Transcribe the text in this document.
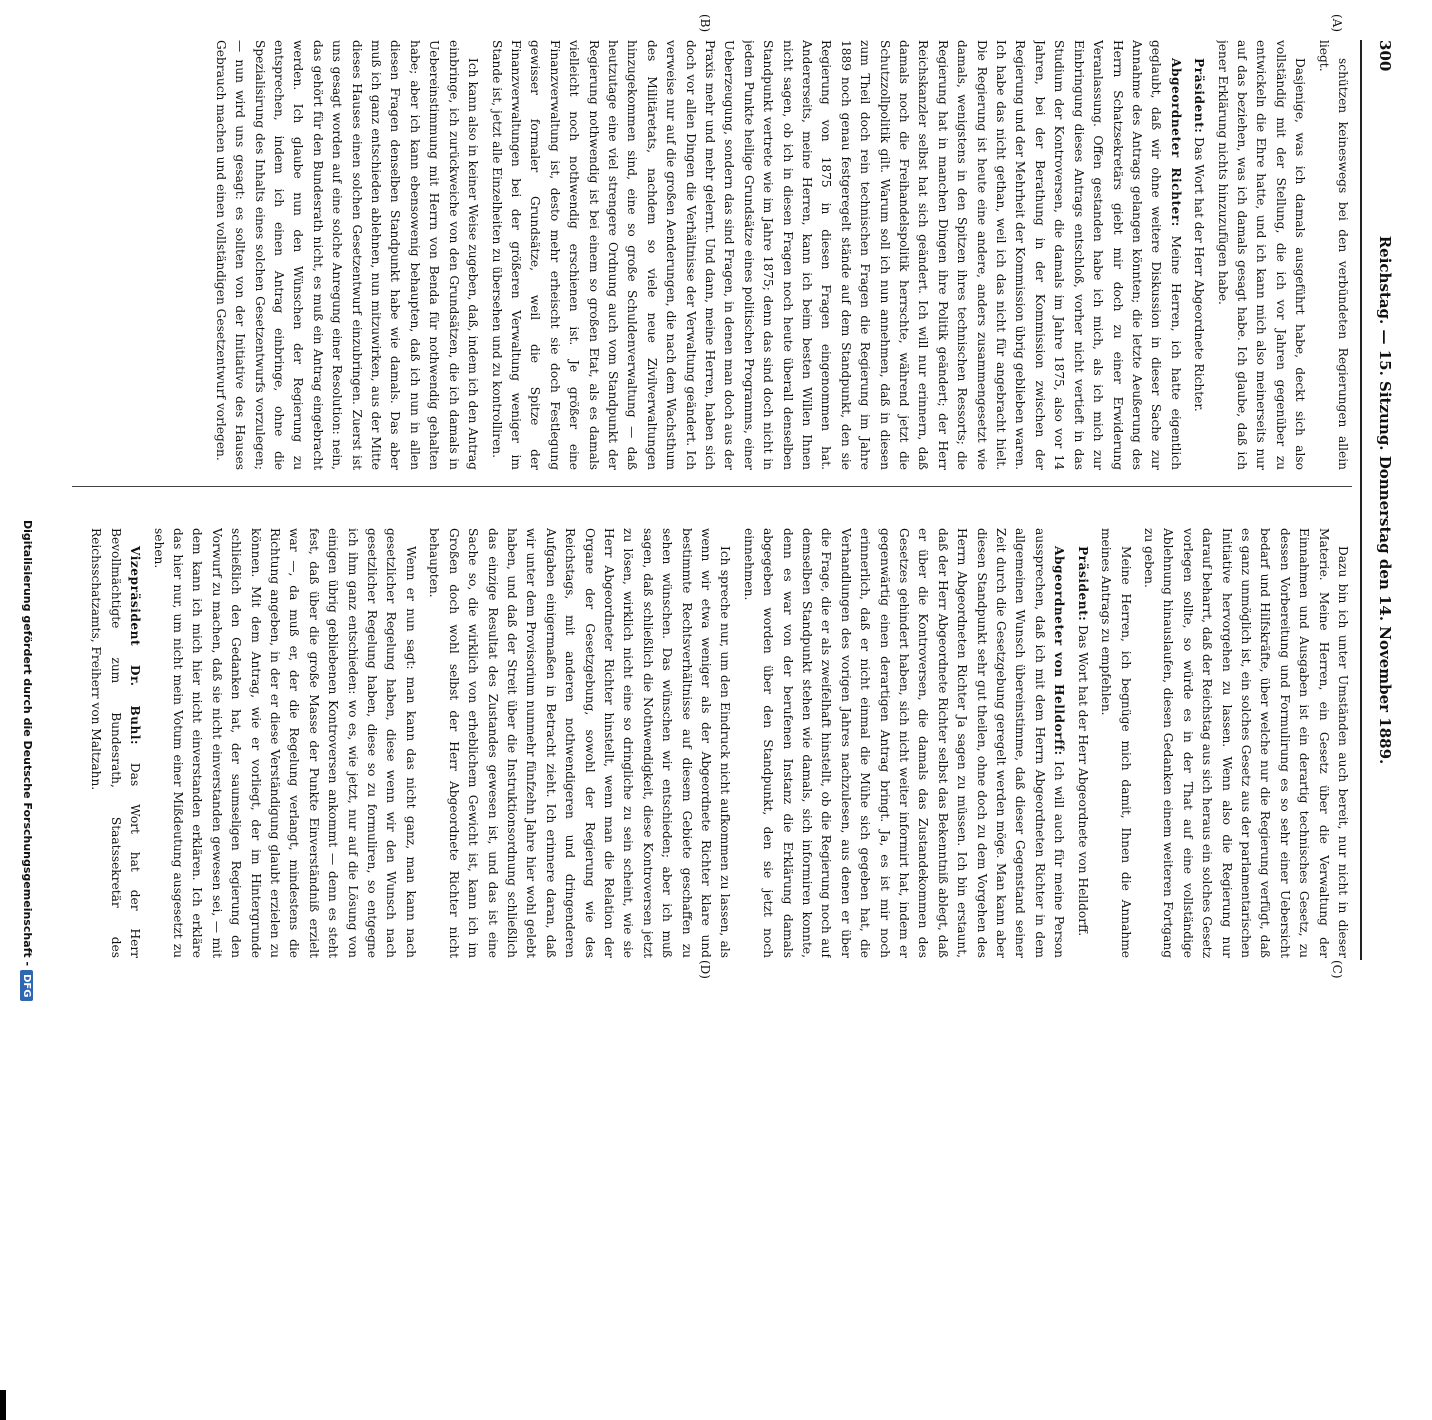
300
Reichstag. — 15. Sitzung. Donnerstag den 14. November 1889.
(A)
(B)
(C)
(D)

schützen keineswegs bei den verbündeten Regierungen allein liegt.

Dasjenige, was ich damals ausgeführt habe, deckt sich also vollständig mit der Stellung, die ich vor Jahren gegenüber zu entwickeln die Ehre hatte, und ich kann mich also meinerseits nur auf das beziehen, was ich damals gesagt habe. Ich glaube, daß ich jener Erklärung nichts hinzuzufügen habe.

Präsident: Das Wort hat der Herr Abgeordnete Richter.

Abgeordneter Richter: Meine Herren, ich hatte eigentlich geglaubt, daß wir ohne weitere Diskussion in dieser Sache zur Annahme des Antrags gelangen könnten; die letzte Aeußerung des Herrn Schatzsekretärs giebt mir doch zu einer Erwiderung Veranlassung. Offen gestanden habe ich mich, als ich mich zur Einbringung dieses Antrags entschloß, vorher nicht vertieft in das Studium der Kontroversen, die damals im Jahre 1875, also vor 14 Jahren, bei der Berathung in der Kommission zwischen der Regierung und der Mehrheit der Kommission übrig geblieben waren. Ich habe das nicht gethan, weil ich das nicht für angebracht hielt. Die Regierung ist heute eine andere, anders zusammengesetzt wie damals, wenigstens in den Spitzen ihres technischen Ressorts; die Regierung hat in manchen Dingen ihre Politik geändert; der Herr Reichskanzler selbst hat sich geändert. Ich will nur erinnern, daß damals noch die Freihandelspolitik herrschte, während jetzt die Schutzzollpolitik gilt. Warum soll ich nun annehmen, daß in diesen zum Theil doch rein technischen Fragen die Regierung im Jahre 1889 noch genau festgeregelt stände auf dem Standpunkt, den sie Regierung von 1875 in diesen Fragen eingenommen hat. Andererseits, meine Herren, kann ich beim besten Willen Ihnen nicht sagen, ob ich in diesen Fragen noch heute überall denselben Standpunkt vertrete wie im Jahre 1875; denn das sind doch nicht in jedem Punkte heilige Grundsätze eines politischen Programms, einer Ueberzeugung, sondern das sind Fragen, in denen man doch aus der Praxis mehr und mehr gelernt. Und dann, meine Herren, haben sich doch vor allen Dingen die Verhältnisse der Verwaltung geändert. Ich verweise nur auf die großen Aenderungen, die nach dem Wachsthum des Militäretats, nachdem so viele neue Zivilverwaltungen hinzugekommen sind, eine so große Schuldenverwaltung — daß heutzutage eine viel strengere Ordnung auch vom Standpunkt der Regierung nothwendig ist bei einem so großen Etat, als es damals vielleicht noch nothwendig erschienen ist. Je größer eine Finanzverwaltung ist, desto mehr erheischt sie doch Festlegung gewisser formaler Grundsätze, weil die Spitze der Finanzverwaltungen bei der größeren Verwaltung weniger im Stande ist, jetzt alle Einzelheiten zu übersehen und zu kontrolliren.

Ich kann also in keiner Weise zugeben, daß, indem ich den Antrag einbringe, ich zurückweiche von den Grundsätzen, die ich damals in Uebereinstimmung mit Herrn von Benda für nothwendig gehalten habe; aber ich kann ebensowenig behaupten, daß ich nun in allen diesen Fragen denselben Standpunkt habe wie damals. Das aber muß ich ganz entschieden ablehnen, nun mitzuwirken, aus der Mitte dieses Hauses einen solchen Gesetzentwurf einzubringen. Zuerst ist uns gesagt worden auf eine solche Anregung einer Resolution: nein, das gehört für den Bundesrath nicht, es muß ein Antrag eingebracht werden. Ich glaube nun den Wünschen der Regierung zu entsprechen, indem ich einen Antrag einbringe, ohne die Spezialisirung des Inhalts eines solchen Gesetzentwurfs vorzulegen; — nun wird uns gesagt: es sollten von der Initiative des Hauses Gebrauch machen und einen vollständigen Gesetzentwurf vorlegen.

Dazu bin ich unter Umständen auch bereit, nur nicht in dieser Materie. Meine Herren, ein Gesetz über die Verwaltung der Einnahmen und Ausgaben ist ein derartig technisches Gesetz, zu dessen Vorbereitung und Formulirung es so sehr einer Uebersicht bedarf und Hilfskräfte, über welche nur die Regierung verfügt, daß es ganz unmöglich ist, ein solches Gesetz aus der parlamentarischen Initiative hervorgehen zu lassen. Wenn also die Regierung nur darauf beharrt, daß der Reichstag aus sich heraus ein solches Gesetz vorlegen sollte, so würde es in der That auf eine vollständige Ablehnung hinauslaufen, diesen Gedanken einem weiteren Fortgang zu geben.

Meine Herren, ich begnüge mich damit, Ihnen die Annahme meines Antrags zu empfehlen.

Präsident: Das Wort hat der Herr Abgeordnete von Helldorff.

Abgeordneter von Helldorff: Ich will auch für meine Person aussprechen, daß ich mit dem Herrn Abgeordneten Richter in dem allgemeinen Wunsch übereinstimme, daß dieser Gegenstand seiner Zeit durch die Gesetzgebung geregelt werden möge. Man kann aber diesen Standpunkt sehr gut theilen, ohne doch zu dem Vorgehen des Herrn Abgeordneten Richter Ja sagen zu müssen. Ich bin erstaunt, daß der Herr Abgeordnete Richter selbst das Bekenntniß ablegt, daß er über die Kontroversen, die damals das Zustandekommen des Gesetzes gehindert haben, sich nicht weiter informirt hat, indem er gegenwärtig einen derartigen Antrag bringt. Ja, es ist mir noch erinnerlich, daß er nicht einmal die Mühe sich gegeben hat, die Verhandlungen des vorigen Jahres nachzulesen, aus denen er über die Frage, die er als zweifelhaft hinstellt, ob die Regierung noch auf demselben Standpunkt stehen wie damals, sich informiren konnte, denn es war von der berufenen Instanz die Erklärung damals abgegeben worden über den Standpunkt, den sie jetzt noch einnehmen.

Ich spreche nur, um den Eindruck nicht aufkommen zu lassen, als wenn wir etwa weniger als der Abgeordnete Richter klare und bestimmte Rechtsverhältnisse auf diesem Gebiete geschaffen zu sehen wünschen. Das wünschen wir entschieden; aber ich muß sagen, daß schließlich die Nothwendigkeit, diese Kontroversen jetzt zu lösen, wirklich nicht eine so dringliche zu sein scheint, wie sie Herr Abgeordneter Richter hinstellt, wenn man die Relation der Organe der Gesetzgebung, sowohl der Regierung wie des Reichstags, mit anderen nothwendigeren und dringenderen Aufgaben einigermaßen in Betracht zieht. Ich erinnere daran, daß wir unter dem Provisorium nunmehr fünfzehn Jahre hier wohl gelebt haben, und daß der Streit über die Instruktionsordnung schließlich das einzige Resultat des Zustandes gewesen ist, und das ist eine Sache so, die wirklich von erheblichem Gewicht ist, kann ich im Großen doch wohl selbst der Herr Abgeordnete Richter nicht behaupten.

Wenn er nun sagt: man kann das nicht ganz, man kann nach gesetzlicher Regelung haben, diese wenn wir den Wunsch nach gesetzlicher Regelung haben, diese so zu formuliren, so entgegne ich ihm ganz entschieden: wo es, wie jetzt, nur auf die Lösung von einigen übrig gebliebenen Kontroversen ankommt — denn es steht fest, daß über die große Masse der Punkte Einverständniß erzielt war —, da muß er, der die Regelung verlangt, mindestens die Richtung angeben, in der er diese Verständigung glaubt erzielen zu können. Mit dem Antrag, wie er vorliegt, der im Hintergrunde schließlich den Gedanken hat, der saumseligen Regierung den Vorwurf zu machen, daß sie nicht einverstanden gewesen sei, — mit dem kann ich mich hier nicht einverstanden erklären. Ich erkläre das hier nur, um nicht mein Votum einer Mißdeutung ausgesetzt zu sehen.

Vizepräsident Dr. Buhl: Das Wort hat der Herr Bevollmächtigte zum Bundesrath, Staatssekretär des Reichsschatzamts, Freiherr von Maltzahn.

Digitalisierung gefördert durch die Deutsche Forschungsgemeinschaft -DFG
